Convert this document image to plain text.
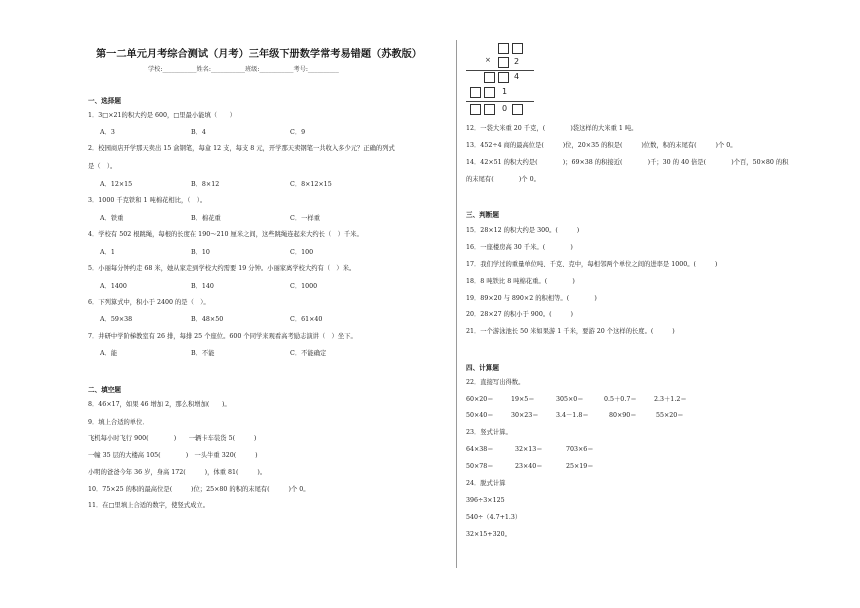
第一二单元月考综合测试（月考）三年级下册数学常考易错题（苏教版）
学校:___________姓名:___________班级:___________考号:__________
一、选择题
1．3□×21的积大约是 600，□里最小能填（　　）
A．3	B．4	C．9
2．校园商店开学那天卖出 15 盒钢笔，每盒 12 支，每支 8 元，开学那天卖钢笔一共收入多少元？正确的列式
是（　）。
A．12×15	B．8×12	C．8×12×15
3．1000 千克铁和 1 吨棉花相比，（　）。
A．铁重	B．棉花重	C．一样重
4．学校有 502 根跳绳，每根的长度在 190～210 厘米之间，这些跳绳连起来大约长（　）千米。
A．1	B．10	C．100
5．小丽每分钟约走 68 米，她从家走到学校大约需要 19 分钟。小丽家离学校大约有（　）米。
A．1400	B．140	C．1000
6．下列算式中，积小于 2400 的是（　）。
A．59×38	B．48×50	C．61×40
7．井研中学阶梯教室有 26 排，每排 25 个座位。600 个同学来观看高考励志演讲（　）坐下。
A．能	B．不能	C．不能确定
二、填空题
8．46×17，如果 46 增加 2，那么积增加(　　)。
9．填上合适的单位．
飞机每小时飞行 900(　　　　)　　一辆卡车装货 5(　　　)
一幢 35 层的大楼高 105(　　　　)　一头牛重 320(　　　)
小明的爸爸今年 36 岁，身高 172(　　　)，体重 81(　　　)。
10．75×25 的积的最高位是(　　　)位；25×80 的积的末尾有(　　　)个 0。
11．在□里填上合适的数字，使竖式成立。
×	2
4
1
0
12．一袋大米重 20 千克，(　　　　)袋这样的大米重 1 吨。
13．452÷4 商的最高位是(　　　)位，20×35 的积是(　　　)位数，积的末尾有(　　　)个 0。
14．42×51 的积大约是(　　　　)；69×38 的积接近(　　　　)千；30 的 40 倍是(　　　　)个百，50×80 的积
的末尾有(　　　　)个 0。
三、判断题
15．28×12 的积大约是 300。(　　　)
16．一座楼房高 30 千米。(　　　　)
17．我们学过的重量单位吨、千克、克中，每相邻两个单位之间的进率是 1000。(　　　)
18．8 吨铁比 8 吨棉花重。(　　　　)
19．89×20 与 890×2 的积相等。(　　　　)
20．28×27 的积小于 900。(　　　)
21．一个游泳池长 50 米如果游 1 千米，要游 20 个这样的长度。(　　　)
四、计算题
22．直接写出得数。
60×20＝	19×5＝	305×0＝	0.5＋0.7＝	2.3＋1.2＝
50×40＝	30×23＝	3.4－1.8＝	80×90＝	55×20＝
23．竖式计算。
64×38＝	32×13＝	703×6＝
50×78＝	23×40＝	25×19＝
24．脱式计算
396÷3×125
540÷（4.7+1.3）
32×15+320。
